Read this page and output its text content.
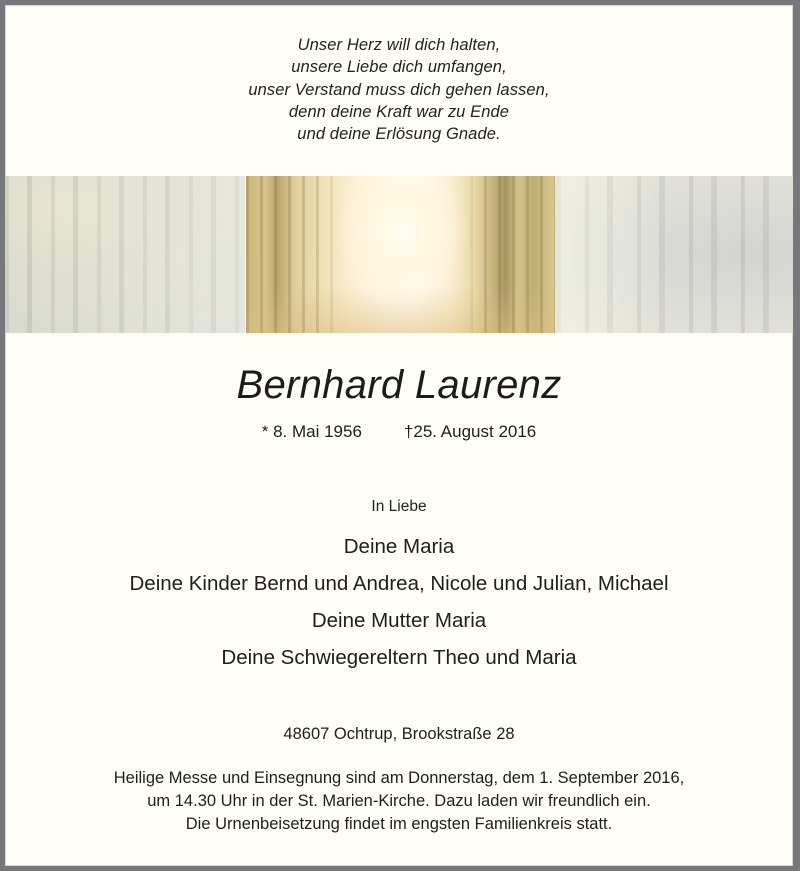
Unser Herz will dich halten,
unsere Liebe dich umfangen,
unser Verstand muss dich gehen lassen,
denn deine Kraft war zu Ende
und deine Erlösung Gnade.
Bernhard Laurenz
* 8. Mai 1956 †25. August 2016
In Liebe
Deine Maria
Deine Kinder Bernd und Andrea, Nicole und Julian, Michael
Deine Mutter Maria
Deine Schwiegereltern Theo und Maria
48607 Ochtrup, Brookstraße 28
Heilige Messe und Einsegnung sind am Donnerstag, dem 1. September 2016,
um 14.30 Uhr in der St. Marien-Kirche. Dazu laden wir freundlich ein.
Die Urnenbeisetzung findet im engsten Familienkreis statt.
